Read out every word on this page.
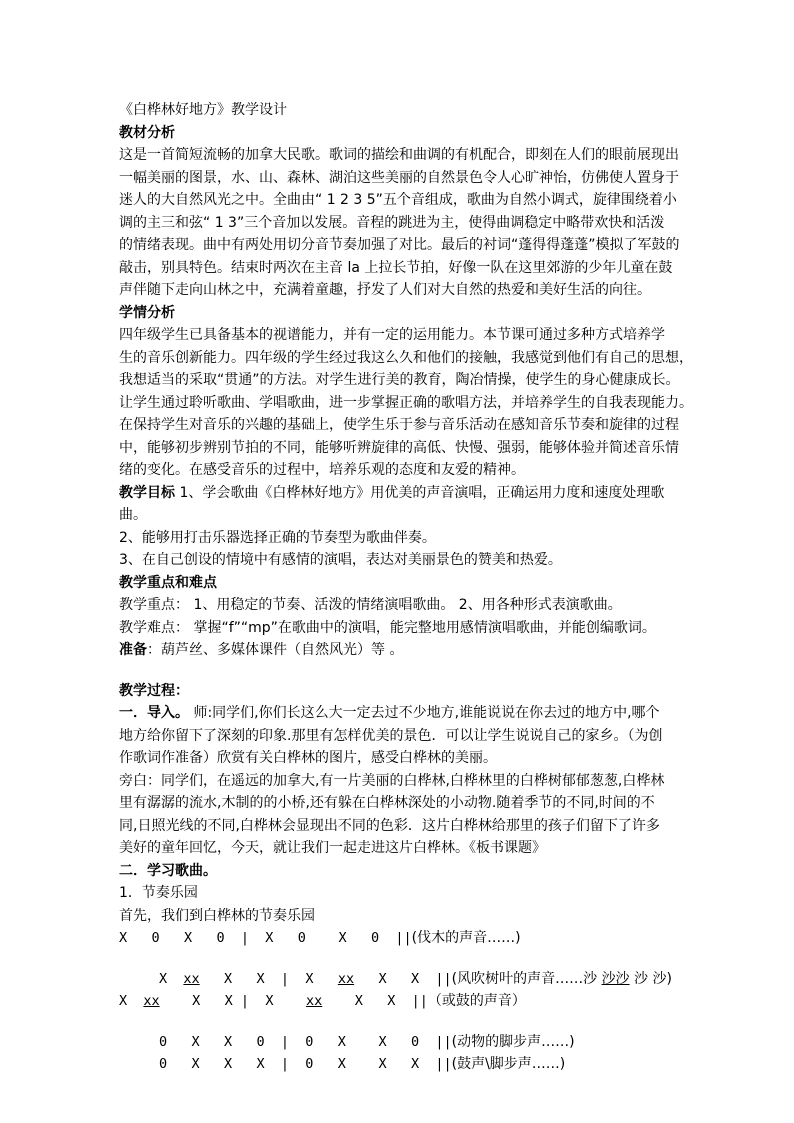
《白桦林好地方》教学设计
教材分析
这是一首简短流畅的加拿大民歌。歌词的描绘和曲调的有机配合，即刻在人们的眼前展现出
一幅美丽的图景，水、山、森林、湖泊这些美丽的自然景色令人心旷神怡，仿佛使人置身于
迷人的大自然风光之中。全曲由“ 1 2 3 5”五个音组成，歌曲为自然小调式，旋律围绕着小
调的主三和弦“ 1 3”三个音加以发展。音程的跳进为主，使得曲调稳定中略带欢快和活泼
的情绪表现。曲中有两处用切分音节奏加强了对比。最后的衬词“蓬得得蓬蓬”模拟了军鼓的
敲击，别具特色。结束时两次在主音 la 上拉长节拍，好像一队在这里郊游的少年儿童在鼓
声伴随下走向山林之中，充满着童趣，抒发了人们对大自然的热爱和美好生活的向往。
学情分析
四年级学生已具备基本的视谱能力，并有一定的运用能力。本节课可通过多种方式培养学
生的音乐创新能力。四年级的学生经过我这么久和他们的接触，我感觉到他们有自己的思想，
我想适当的采取“贯通”的方法。对学生进行美的教育，陶冶情操，使学生的身心健康成长。
让学生通过聆听歌曲、学唱歌曲，进一步掌握正确的歌唱方法，并培养学生的自我表现能力。
在保持学生对音乐的兴趣的基础上，使学生乐于参与音乐活动在感知音乐节奏和旋律的过程
中，能够初步辨别节拍的不同，能够听辨旋律的高低、快慢、强弱，能够体验并简述音乐情
绪的变化。在感受音乐的过程中，培养乐观的态度和友爱的精神。
教学目标 1、学会歌曲《白桦林好地方》用优美的声音演唱，正确运用力度和速度处理歌
曲。
2、能够用打击乐器选择正确的节奏型为歌曲伴奏。
3、在自己创设的情境中有感情的演唱，表达对美丽景色的赞美和热爱。
教学重点和难点
教学重点： 1、用稳定的节奏、活泼的情绪演唱歌曲。 2、用各种形式表演歌曲。
教学难点： 掌握“f”“mp”在歌曲中的演唱，能完整地用感情演唱歌曲，并能创编歌词。
准备：葫芦丝、多媒体课件（自然风光）等 。
教学过程：
一．导入。 师:同学们,你们长这么大一定去过不少地方,谁能说说在你去过的地方中,哪个
地方给你留下了深刻的印象.那里有怎样优美的景色．可以让学生说说自己的家乡。（为创
作歌词作准备）欣赏有关白桦林的图片，感受白桦林的美丽。
旁白：同学们，在遥远的加拿大,有一片美丽的白桦林,白桦林里的白桦树郁郁葱葱,白桦林
里有潺潺的流水,木制的的小桥,还有躲在白桦林深处的小动物.随着季节的不同,时间的不
同,日照光线的不同,白桦林会显现出不同的色彩．这片白桦林给那里的孩子们留下了许多
美好的童年回忆，今天，就让我们一起走进这片白桦林。《板书课题》
二．学习歌曲。
1．节奏乐园
首先，我们到白桦林的节奏乐园
X   0   X   0  |  X   0    X   0  ||(伐木的声音……)
X  xx   X   X  |  X   xx   X   X  ||(风吹树叶的声音……沙 沙沙 沙 沙)
X  xx    X   X |  X    xx    X   X  ||（或鼓的声音）
0   X   X   0  |  0   X    X   0  ||(动物的脚步声……)
0   X   X   X  |  0   X    X   X  ||(鼓声\脚步声……)
